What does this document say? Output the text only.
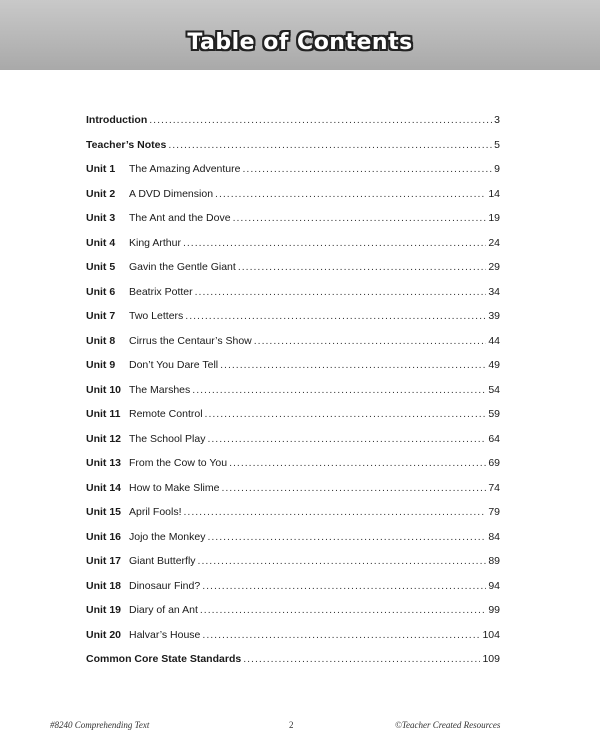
Table of Contents
Introduction .....	3
Teacher’s Notes .....	5
Unit 1	The Amazing Adventure .....	9
Unit 2	A DVD Dimension .....	14
Unit 3	The Ant and the Dove .....	19
Unit 4	King Arthur .....	24
Unit 5	Gavin the Gentle Giant .....	29
Unit 6	Beatrix Potter .....	34
Unit 7	Two Letters .....	39
Unit 8	Cirrus the Centaur’s Show .....	44
Unit 9	Don’t You Dare Tell .....	49
Unit 10 The Marshes .....	54
Unit 11 Remote Control .....	59
Unit 12 The School Play .....	64
Unit 13 From the Cow to You .....	69
Unit 14 How to Make Slime .....	74
Unit 15 April Fools! .....	79
Unit 16 Jojo the Monkey .....	84
Unit 17 Giant Butterfly .....	89
Unit 18 Dinosaur Find? .....	94
Unit 19 Diary of an Ant .....	99
Unit 20 Halvar’s House .....	104
Common Core State Standards .....	109
#8240 Comprehending Text	2	©Teacher Created Resources
